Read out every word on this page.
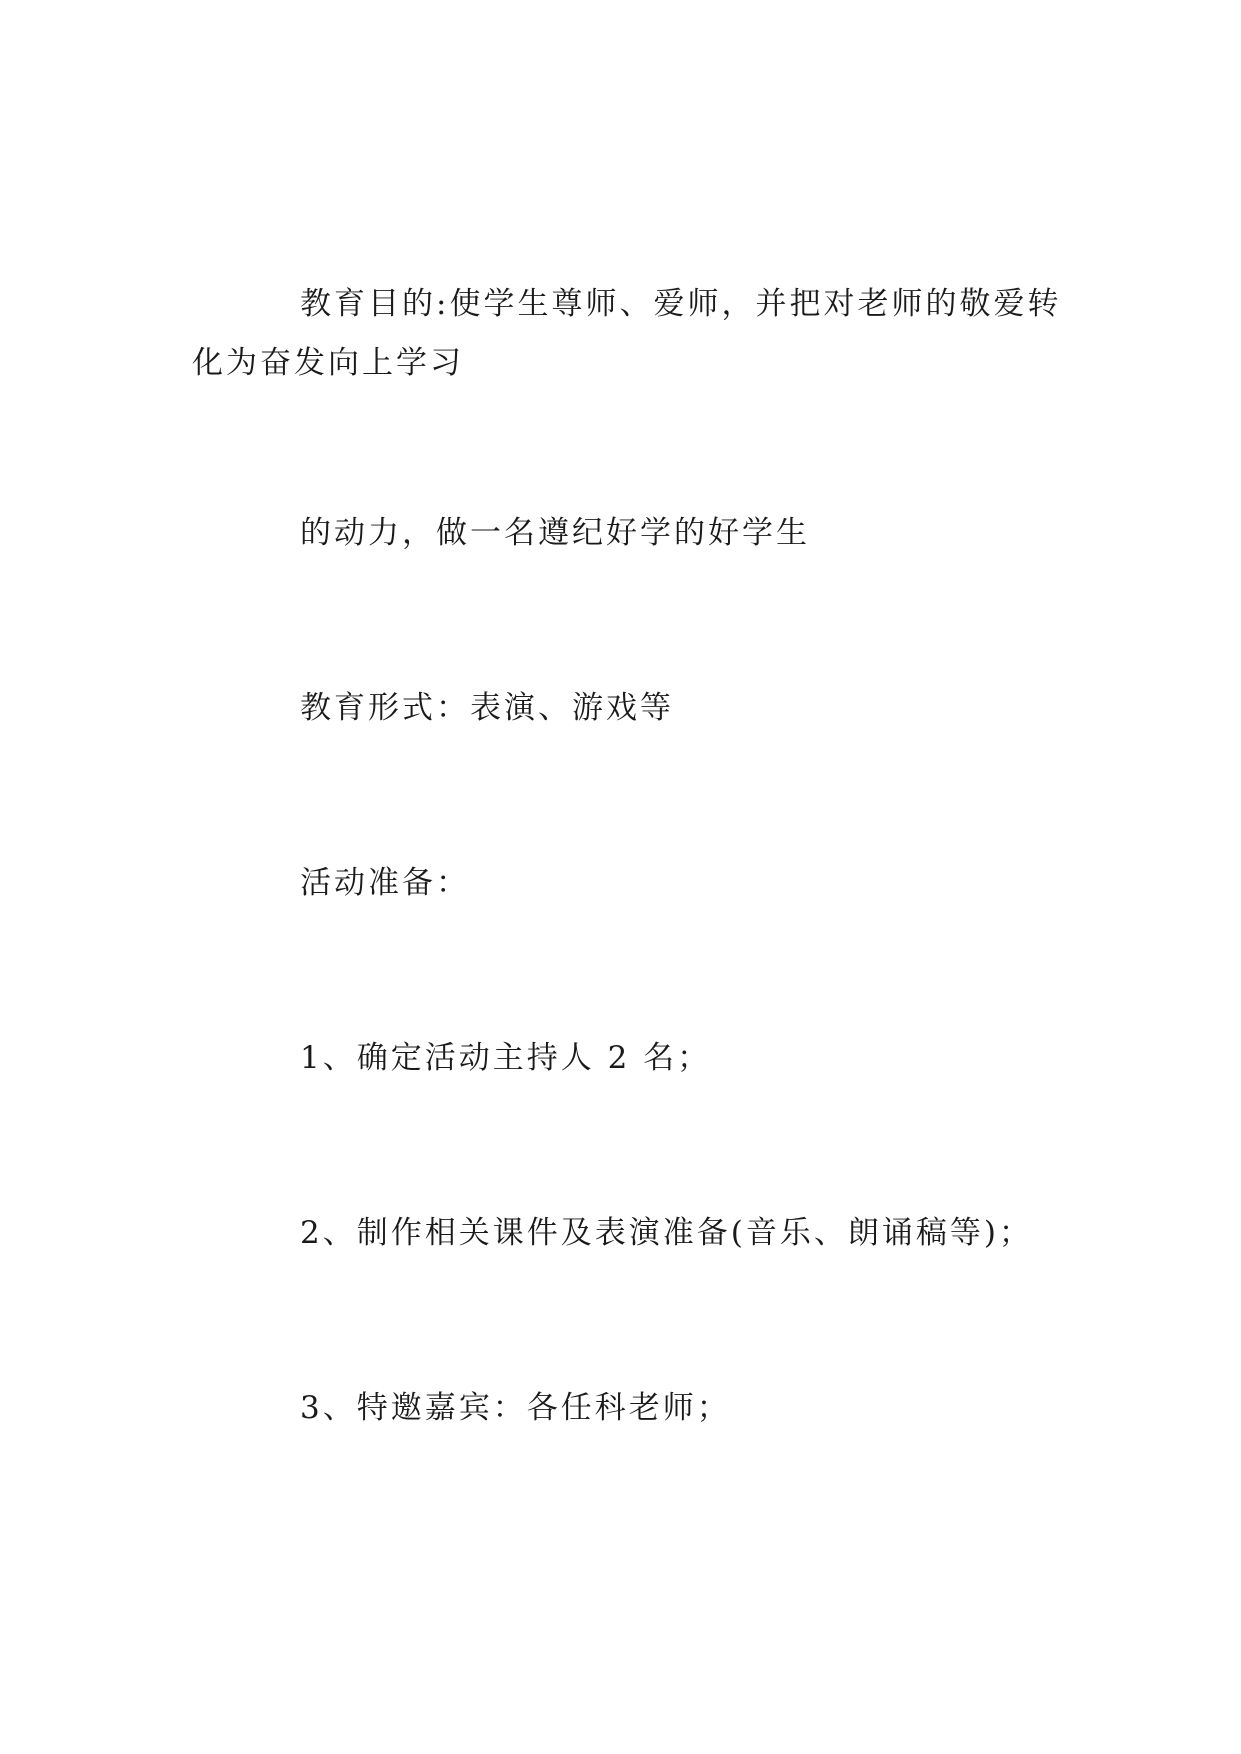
教育目的:使学生尊师、爱师，并把对老师的敬爱转化为奋发向上学习

的动力，做一名遵纪好学的好学生

教育形式：表演、游戏等

活动准备：

1、确定活动主持人 2 名；

2、制作相关课件及表演准备(音乐、朗诵稿等)；

3、特邀嘉宾：各任科老师；
